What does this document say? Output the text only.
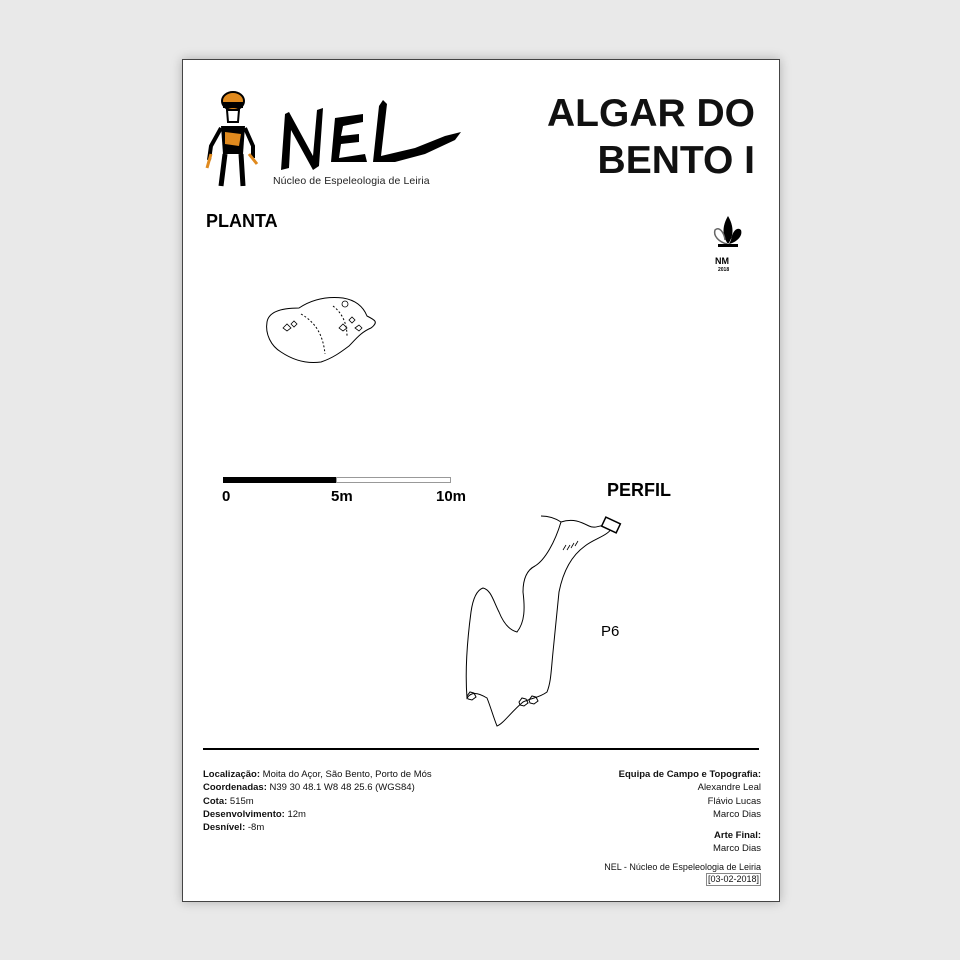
Núcleo de Espeleologia de Leiria
ALGAR DO
BENTO I
NM
2018
PLANTA
0	5m	10m	PERFIL
P6
Localização: Moita do Açor, São Bento, Porto de Mós
Coordenadas: N39 30 48.1 W8 48 25.6 (WGS84)
Cota: 515m
Desenvolvimento: 12m
Desnível: -8m
Equipa de Campo e Topografia:
Alexandre Leal
Flávio Lucas
Marco Dias
Arte Final:
Marco Dias
NEL - Núcleo de Espeleologia de Leiria
[03-02-2018]
